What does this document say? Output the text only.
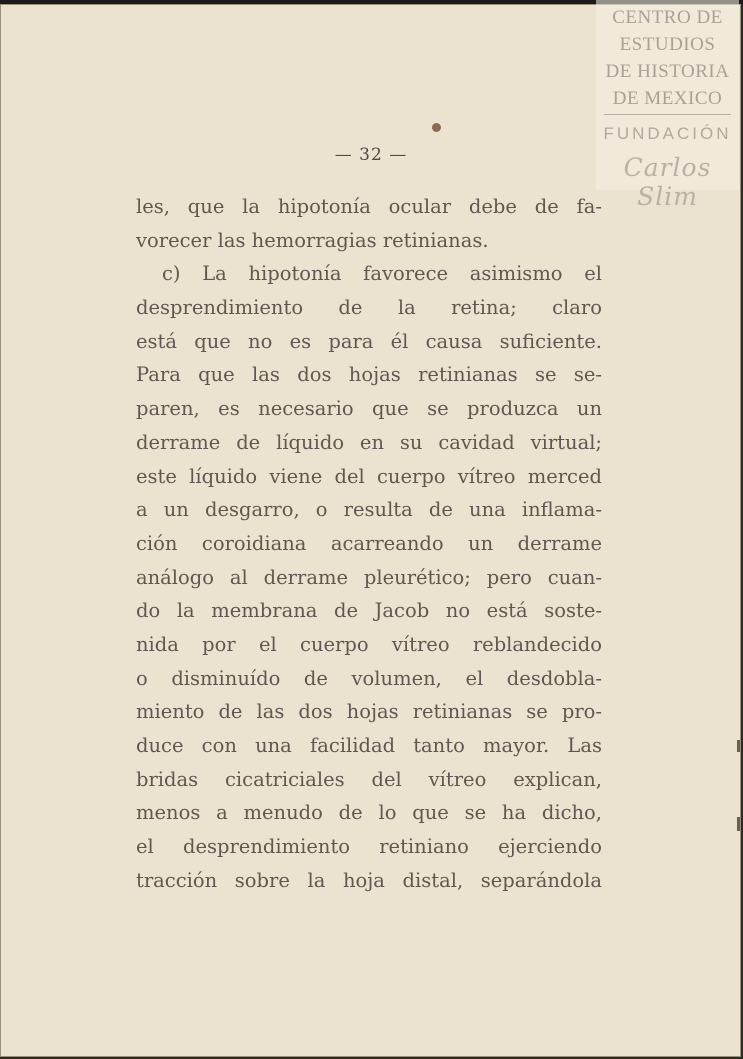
— 32 —
les, que la hipotonía ocular debe de fa-
vorecer las hemorragias retinianas.
c) La hipotonía favorece asimismo el
desprendimiento de la retina; claro
está que no es para él causa suficiente.
Para que las dos hojas retinianas se se-
paren, es necesario que se produzca un
derrame de líquido en su cavidad virtual;
este líquido viene del cuerpo vítreo merced
a un desgarro, o resulta de una inflama-
ción coroidiana acarreando un derrame
análogo al derrame pleurético; pero cuan-
do la membrana de Jacob no está soste-
nida por el cuerpo vítreo reblandecido
o disminuído de volumen, el desdobla-
miento de las dos hojas retinianas se pro-
duce con una facilidad tanto mayor. Las
bridas cicatriciales del vítreo explican,
menos a menudo de lo que se ha dicho,
el desprendimiento retiniano ejerciendo
tracción sobre la hoja distal, separándola
CENTRO DE
ESTUDIOS
DE HISTORIA
DE MEXICO
FUNDACIÓN
Carlos Slim
